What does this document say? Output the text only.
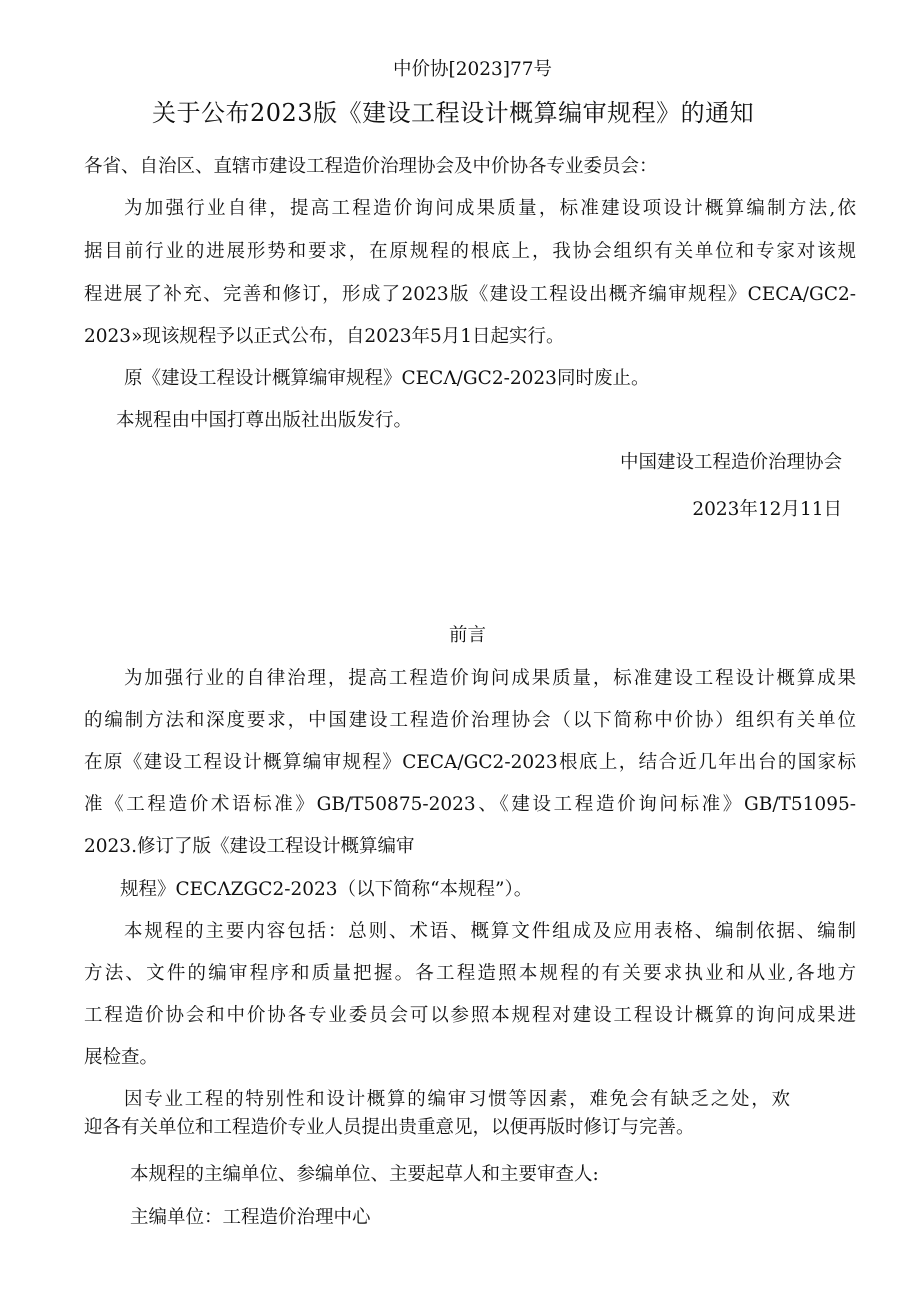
中价协[2023]77号

关于公布2023版《建设工程设计概算编审规程》的通知

各省、自治区、直辖市建设工程造价治理协会及中价协各专业委员会：

为加强行业自律，提高工程造价询问成果质量，标准建设项设计概算编制方法,依

据目前行业的进展形势和要求，在原规程的根底上，我协会组织有关单位和专家对该规

程进展了补充、完善和修订，形成了2023版《建设工程设出概齐编审规程》CECA/GC2-

2023»现该规程予以正式公布，自2023年5月1日起实行。

原《建设工程设计概算编审规程》CECΛ/GC2-2023同时废止。

本规程由中国打尊出版社出版发行。

中国建设工程造价治理协会

2023年12月11日

前言

为加强行业的自律治理，提高工程造价询问成果质量，标准建设工程设计概算成果

的编制方法和深度要求，中国建设工程造价治理协会（以下简称中价协）组织有关单位

在原《建设工程设计概算编审规程》CECA/GC2-2023根底上，结合近几年出台的国家标

准《工程造价术语标准》GB/T50875-2023、《建设工程造价询问标准》GB/T51095-

2023.修订了版《建设工程设计概算编审

规程》CECΛZGC2-2023（以下简称“本规程”）。

本规程的主要内容包括：总则、术语、概算文件组成及应用表格、编制依据、编制

方法、文件的编审程序和质量把握。各工程造照本规程的有关要求执业和从业,各地方

工程造价协会和中价协各专业委员会可以参照本规程对建设工程设计概算的询问成果进

展检查。

因专业工程的特别性和设计概算的编审习惯等因素，难免会有缺乏之处，欢

迎各有关单位和工程造价专业人员提出贵重意见，以便再版时修订与完善。

本规程的主编单位、参编单位、主要起草人和主要审查人:

主编单位：工程造价治理中心
